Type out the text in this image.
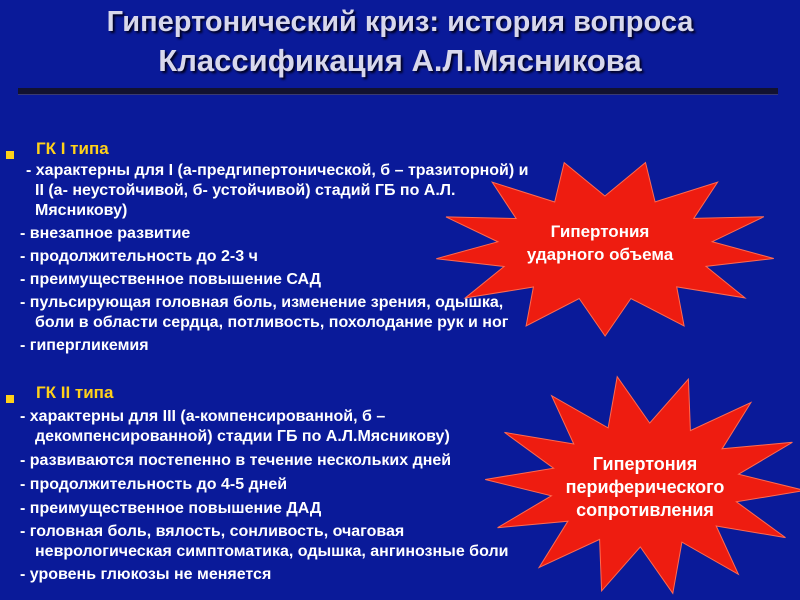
Гипертонический криз: история вопроса
Классификация А.Л.Мясникова
ГК I типа
- характерны для I (а-предгипертонической, б – тразиторной) и
II (а- неустойчивой, б- устойчивой) стадий ГБ по А.Л.
Мясникову)
- внезапное развитие
- продолжительность до 2-3 ч
- преимущественное повышение САД
- пульсирующая головная боль, изменение зрения, одышка,
боли в области сердца, потливость, похолодание рук и ног
- гипергликемия
ГК II типа
- характерны для III (а-компенсированной, б –
декомпенсированной) стадии ГБ по А.Л.Мясникову)
- развиваются постепенно в течение нескольких дней
- продолжительность до 4-5 дней
- преимущественное повышение ДАД
- головная боль, вялость, сонливость, очаговая
неврологическая симптоматика, одышка, ангинозные боли
- уровень глюкозы не меняется
Гипертония
ударного объема
Гипертония
периферического
сопротивления
